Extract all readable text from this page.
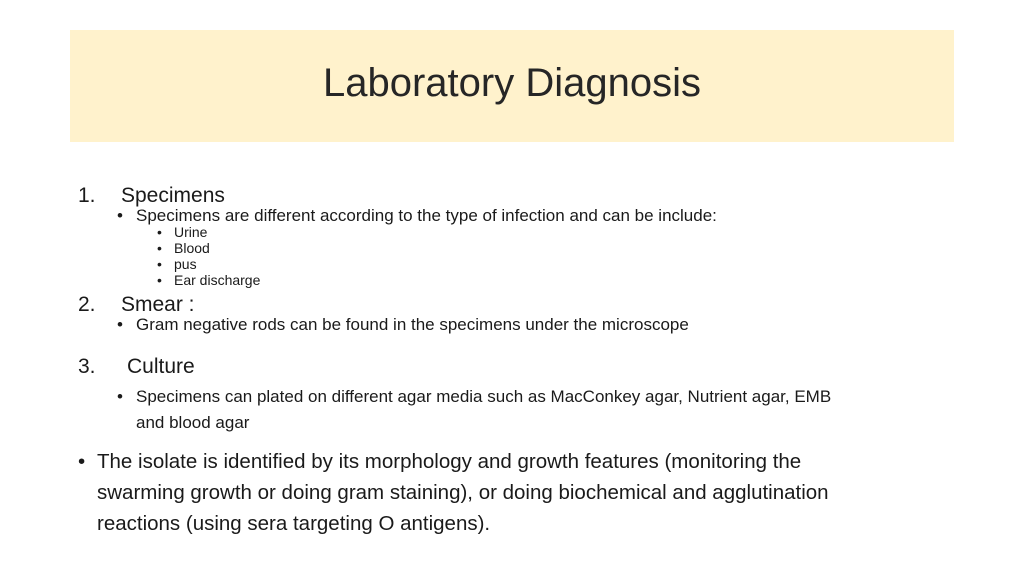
Laboratory Diagnosis
1. Specimens
• Specimens are different according to the type of infection and can be include:
• Urine
• Blood
• pus
• Ear discharge
2. Smear :
• Gram negative rods can be found in the specimens under the microscope
3. Culture
• Specimens can plated on different agar media such as MacConkey agar, Nutrient agar, EMB
and blood agar
• The isolate is identified by its morphology and growth features (monitoring the
swarming growth or doing gram staining), or doing biochemical and agglutination
reactions (using sera targeting O antigens).
